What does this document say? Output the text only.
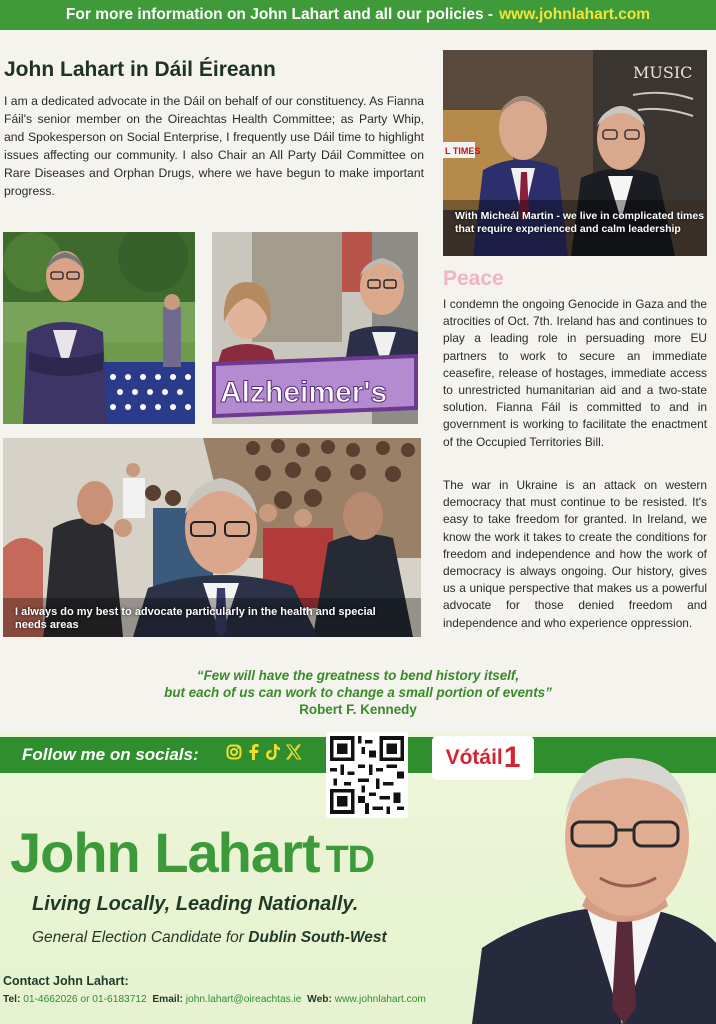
For more information on John Lahart and all our policies - www.johnlahart.com
John Lahart in Dáil Éireann

I am a dedicated advocate in the Dáil on behalf of our constituency. As Fianna Fáil's senior member on the Oireachtas Health Committee; as Party Whip, and Spokesperson on Social Enterprise, I frequently use Dáil time to highlight issues affecting our community. I also Chair an All Party Dáil Committee on Rare Diseases and Orphan Drugs, where we have begun to make important progress.

L TIMES
MUSIC
With Micheál Martin - we live in complicated times that require experienced and calm leadership
Alzheimer's
I always do my best to advocate particularly in the health and special needs areas
Peace

I condemn the ongoing Genocide in Gaza and the atrocities of Oct. 7th. Ireland has and continues to play a leading role in persuading more EU partners to work to secure an immediate ceasefire, release of hostages, immediate access to unrestricted humanitarian aid and a two-state solution. Fianna Fáil is committed to and in government is working to facilitate the enactment of the Occupied Territories Bill.

The war in Ukraine is an attack on western democracy that must continue to be resisted. It's easy to take freedom for granted. In Ireland, we know the work it takes to create the conditions for freedom and independence and how the work of democracy is always ongoing. Our history, gives us a unique perspective that makes us a powerful advocate for those denied freedom and independence and who experience oppression.

“Few will have the greatness to bend history itself,
but each of us can work to change a small portion of events”
Robert F. Kennedy
Follow me on socials:	Vótáil 1
John Lahart TD
Living Locally, Leading Nationally.
General Election Candidate for Dublin South-West
Contact John Lahart:
Tel: 01-4662026 or 01-6183712 Email: john.lahart@oireachtas.ie Web: www.johnlahart.com
